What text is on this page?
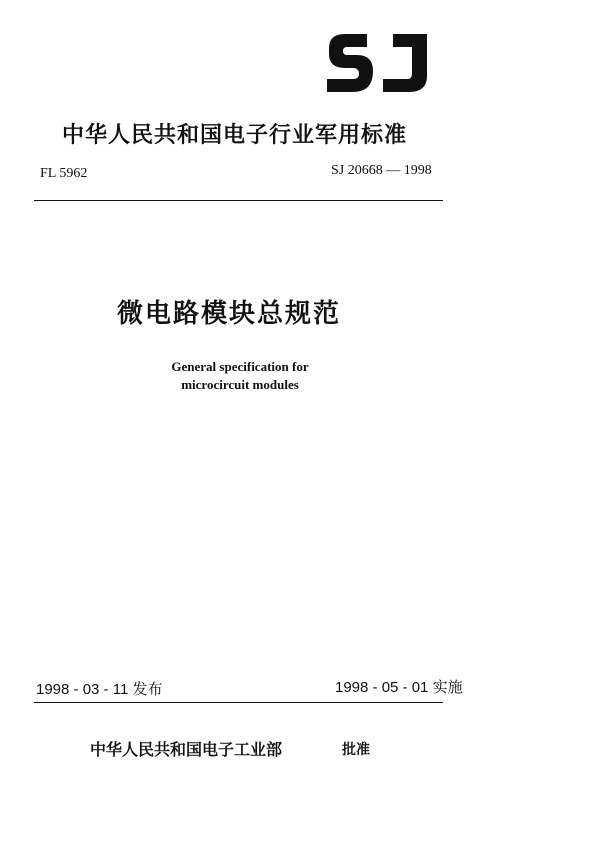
中华人民共和国电子行业军用标准
FL 5962	SJ 20668 — 1998
微电路模块总规范
General specification for
microcircuit modules
1998 - 03 - 11 发布	1998 - 05 - 01 实施
中华人民共和国电子工业部	批准
